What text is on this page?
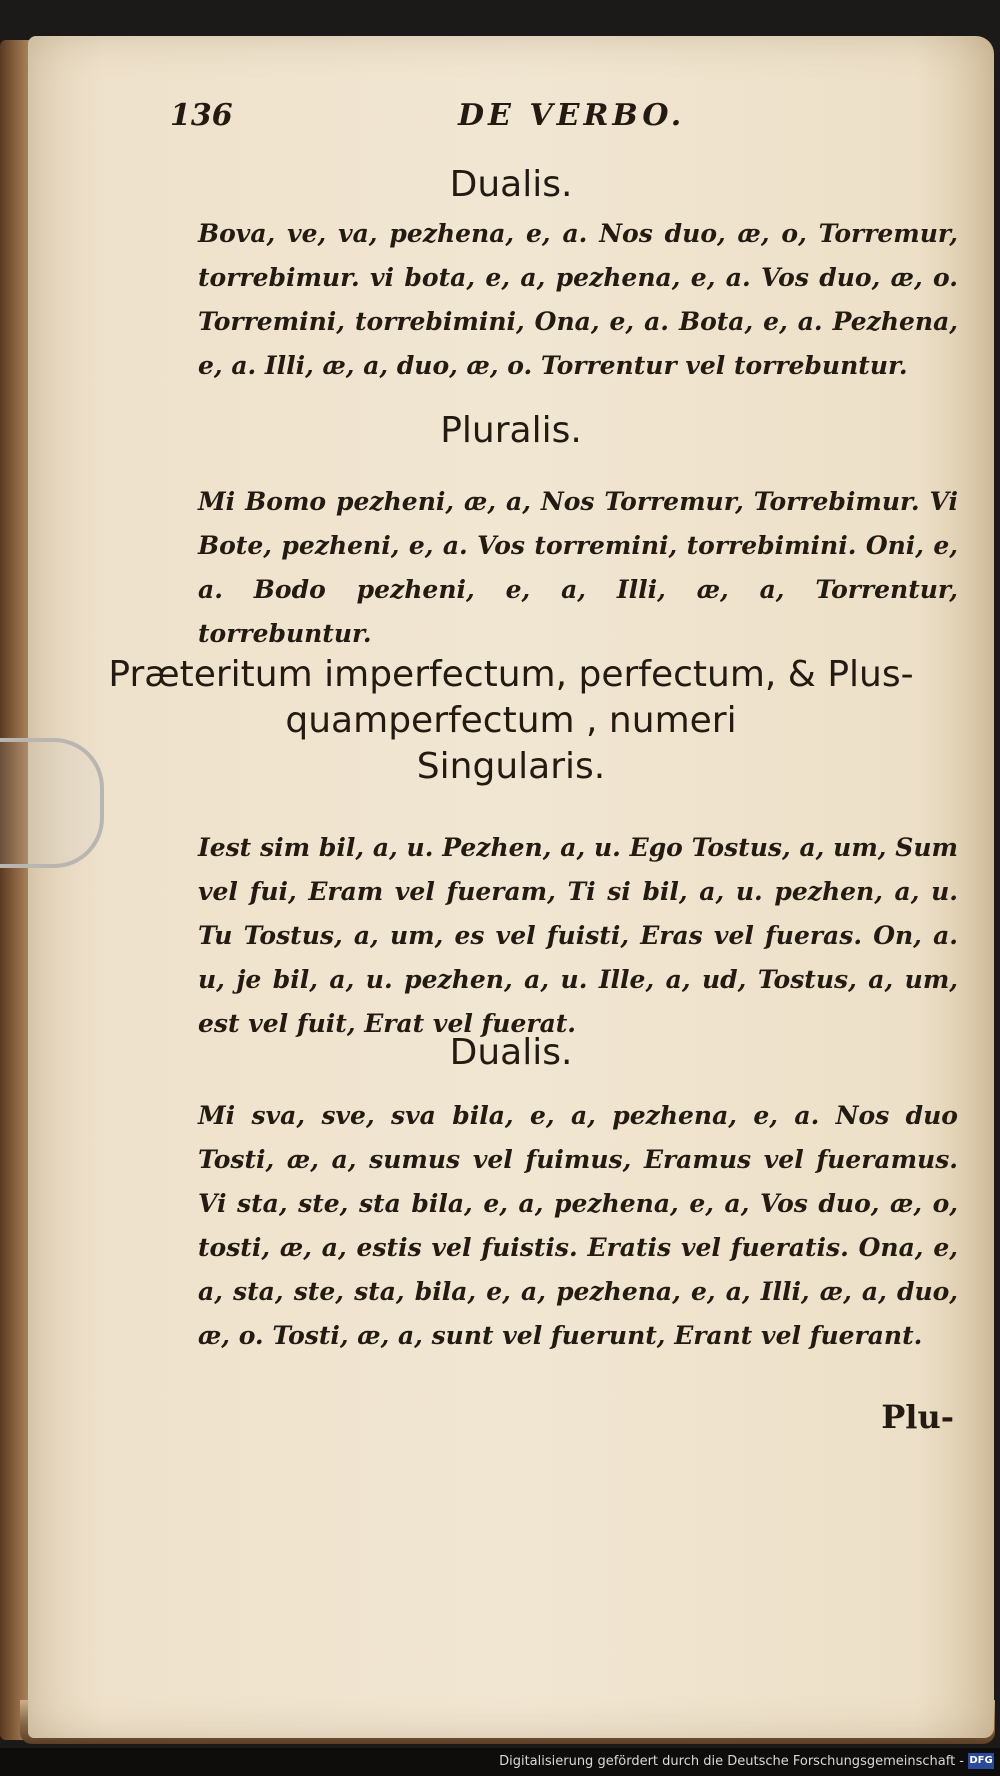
136	DE VERBO.
Dualis.

Bova, ve, va, pezhena, e, a. Nos duo, æ, o, Torremur, torrebimur. vi bota, e, a, pezhena, e, a. Vos duo, æ, o. Torremini, torrebimini, Ona, e, a. Bota, e, a. Pezhena, e, a. Illi, æ, a, duo, æ, o. Torrentur vel torrebuntur.

Pluralis.

Mi Bomo pezheni, æ, a, Nos Torremur, Torrebimur. Vi Bote, pezheni, e, a. Vos torremini, torrebimini. Oni, e, a. Bodo pezheni, e, a, Illi, æ, a, Torrentur, torrebuntur.

Præteritum imperfectum, perfectum, & Plus-
quamperfectum , numeri
Singularis.

Iest sim bil, a, u. Pezhen, a, u. Ego Tostus, a, um, Sum vel fui, Eram vel fueram, Ti si bil, a, u. pezhen, a, u. Tu Tostus, a, um, es vel fuisti, Eras vel fueras. On, a. u, je bil, a, u. pezhen, a, u. Ille, a, ud, Tostus, a, um, est vel fuit, Erat vel fuerat.

Dualis.

Mi sva, sve, sva bila, e, a, pezhena, e, a. Nos duo Tosti, æ, a, sumus vel fuimus, Eramus vel fueramus. Vi sta, ste, sta bila, e, a, pezhena, e, a, Vos duo, æ, o, tosti, æ, a, estis vel fuistis. Eratis vel fueratis. Ona, e, a, sta, ste, sta, bila, e, a, pezhena, e, a, Illi, æ, a, duo, æ, o. Tosti, æ, a, sunt vel fuerunt, Erant vel fuerant.

Plu-
Digitalisierung gefördert durch die Deutsche Forschungsgemeinschaft - DFG
